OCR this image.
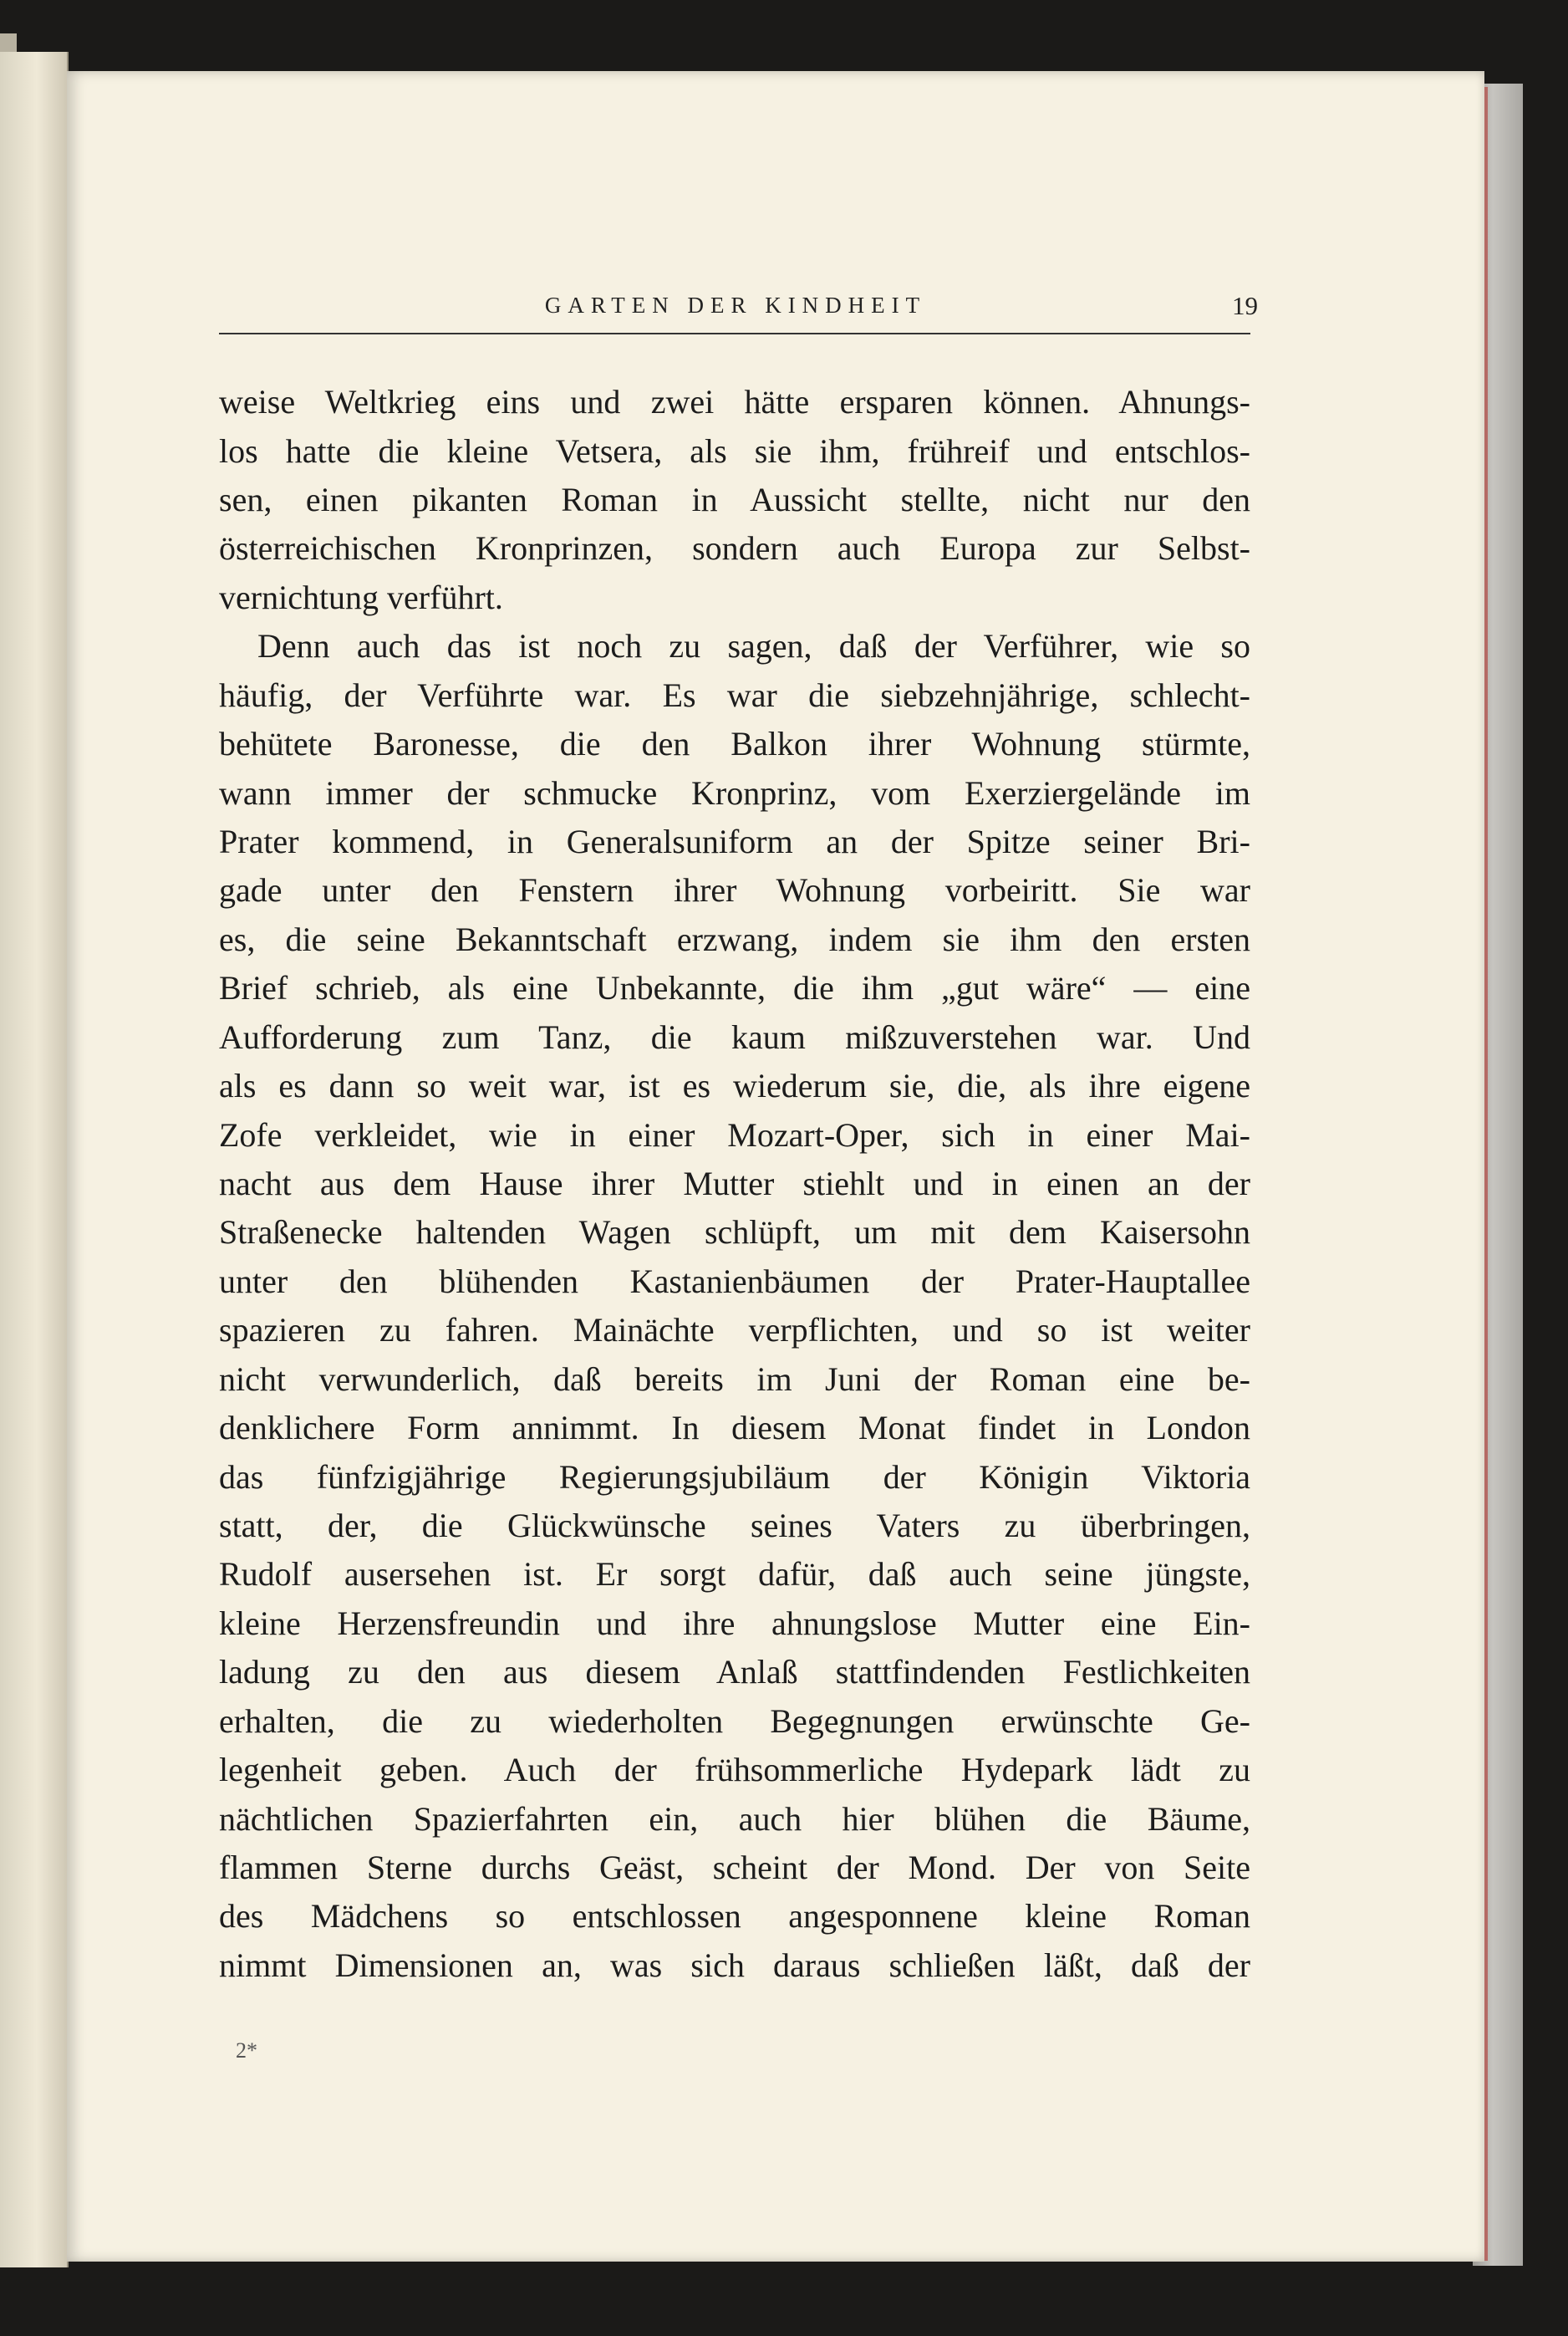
GARTEN DER KINDHEIT	19
weise Weltkrieg eins und zwei hätte ersparen können. Ahnungs-
los hatte die kleine Vetsera, als sie ihm, frühreif und entschlos-
sen, einen pikanten Roman in Aussicht stellte, nicht nur den
österreichischen Kronprinzen, sondern auch Europa zur Selbst-
vernichtung verführt.
Denn auch das ist noch zu sagen, daß der Verführer, wie so
häufig, der Verführte war. Es war die siebzehnjährige, schlecht-
behütete Baronesse, die den Balkon ihrer Wohnung stürmte,
wann immer der schmucke Kronprinz, vom Exerziergelände im
Prater kommend, in Generalsuniform an der Spitze seiner Bri-
gade unter den Fenstern ihrer Wohnung vorbeiritt. Sie war
es, die seine Bekanntschaft erzwang, indem sie ihm den ersten
Brief schrieb, als eine Unbekannte, die ihm „gut wäre“ — eine
Aufforderung zum Tanz, die kaum mißzuverstehen war. Und
als es dann so weit war, ist es wiederum sie, die, als ihre eigene
Zofe verkleidet, wie in einer Mozart-Oper, sich in einer Mai-
nacht aus dem Hause ihrer Mutter stiehlt und in einen an der
Straßenecke haltenden Wagen schlüpft, um mit dem Kaisersohn
unter den blühenden Kastanienbäumen der Prater-Hauptallee
spazieren zu fahren. Mainächte verpflichten, und so ist weiter
nicht verwunderlich, daß bereits im Juni der Roman eine be-
denklichere Form annimmt. In diesem Monat findet in London
das fünfzigjährige Regierungsjubiläum der Königin Viktoria
statt, der, die Glückwünsche seines Vaters zu überbringen,
Rudolf ausersehen ist. Er sorgt dafür, daß auch seine jüngste,
kleine Herzensfreundin und ihre ahnungslose Mutter eine Ein-
ladung zu den aus diesem Anlaß stattfindenden Festlichkeiten
erhalten, die zu wiederholten Begegnungen erwünschte Ge-
legenheit geben. Auch der frühsommerliche Hydepark lädt zu
nächtlichen Spazierfahrten ein, auch hier blühen die Bäume,
flammen Sterne durchs Geäst, scheint der Mond. Der von Seite
des Mädchens so entschlossen angesponnene kleine Roman
nimmt Dimensionen an, was sich daraus schließen läßt, daß der
2*
